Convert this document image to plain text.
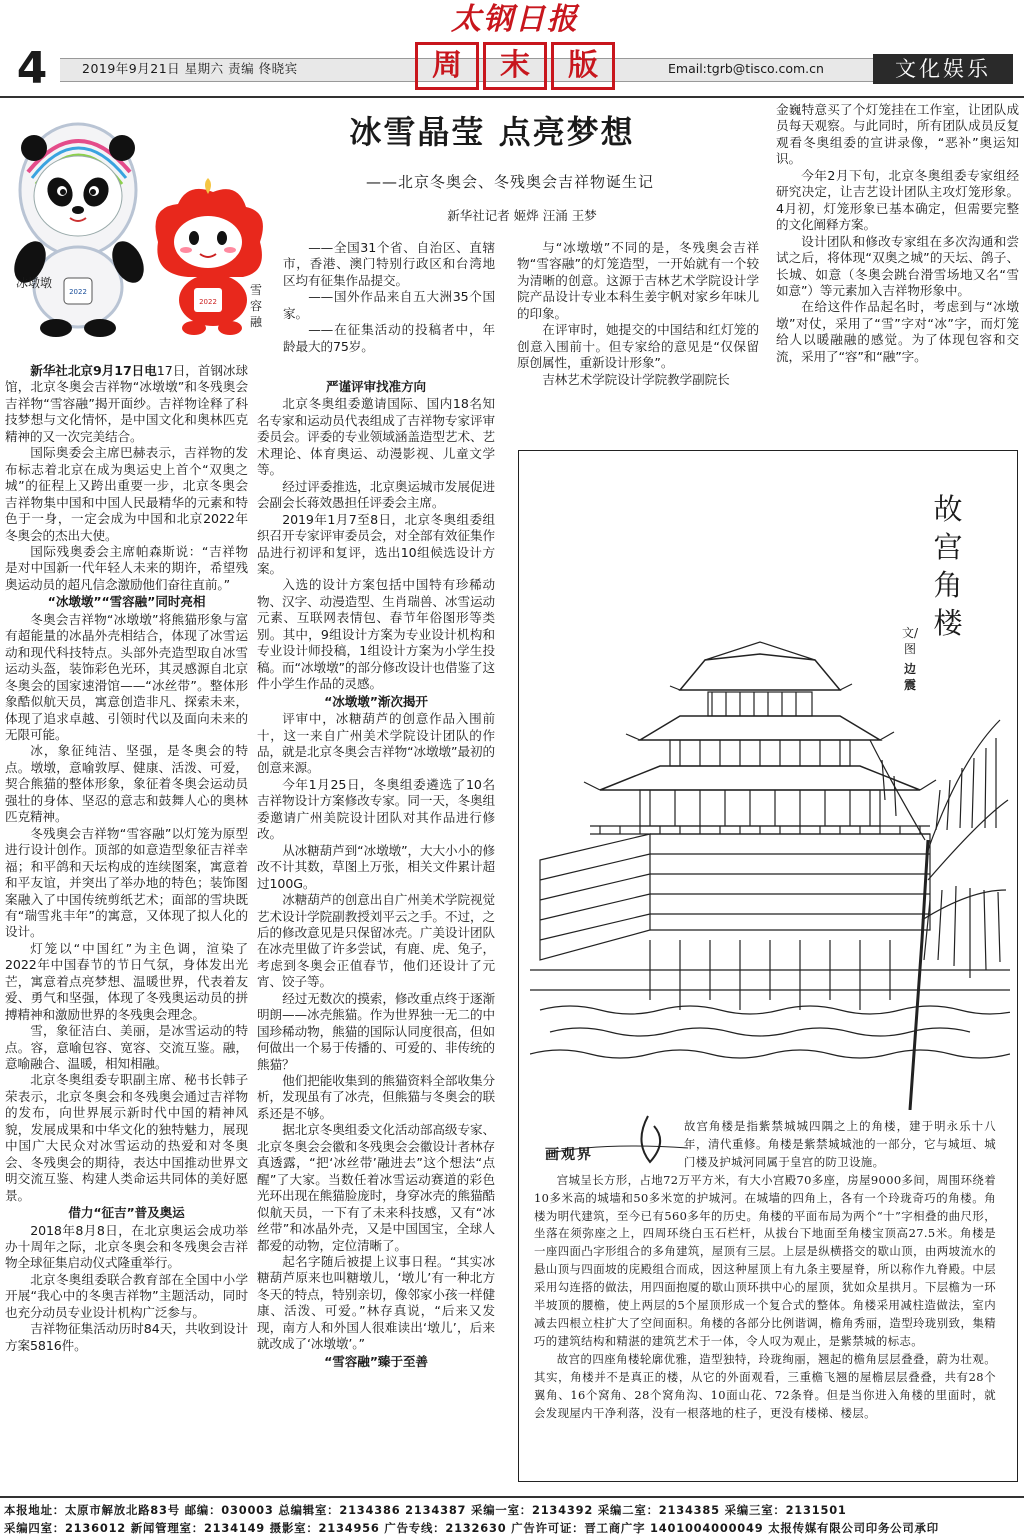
4	2019年9月21日 星期六 责编 佟晓宾
太钢日报
周	末	版	Email:tgrb@tisco.com.cn	文化娱乐
2022
2022
冰墩墩	雪容融
冰雪晶莹 点亮梦想
——北京冬奥会、冬残奥会吉祥物诞生记
新华社记者 姬烨 汪涌 王梦

新华社北京9月17日电17日，首钢冰球馆，北京冬奥会吉祥物“冰墩墩”和冬残奥会吉祥物“雪容融”揭开面纱。吉祥物诠释了科技梦想与文化情怀，是中国文化和奥林匹克精神的又一次完美结合。

国际奥委会主席巴赫表示，吉祥物的发布标志着北京在成为奥运史上首个“双奥之城”的征程上又跨出重要一步，北京冬奥会吉祥物集中国和中国人民最精华的元素和特色于一身，一定会成为中国和北京2022年冬奥会的杰出大使。

国际残奥委会主席帕森斯说：“吉祥物是对中国新一代年轻人未来的期许，希望残奥运动员的超凡信念激励他们奋往直前。”

“冰墩墩”“雪容融”同时亮相

冬奥会吉祥物“冰墩墩”将熊猫形象与富有超能量的冰晶外壳相结合，体现了冰雪运动和现代科技特点。头部外壳造型取自冰雪运动头盔，装饰彩色光环，其灵感源自北京冬奥会的国家速滑馆——“冰丝带”。整体形象酷似航天员，寓意创造非凡、探索未来，体现了追求卓越、引领时代以及面向未来的无限可能。

冰，象征纯洁、坚强，是冬奥会的特点。墩墩，意喻敦厚、健康、活泼、可爱，契合熊猫的整体形象，象征着冬奥会运动员强壮的身体、坚忍的意志和鼓舞人心的奥林匹克精神。

冬残奥会吉祥物“雪容融”以灯笼为原型进行设计创作。顶部的如意造型象征吉祥幸福；和平鸽和天坛构成的连续图案，寓意着和平友谊，并突出了举办地的特色；装饰图案融入了中国传统剪纸艺术；面部的雪块既有“瑞雪兆丰年”的寓意，又体现了拟人化的设计。

灯笼以“中国红”为主色调，渲染了2022年中国春节的节日气氛，身体发出光芒，寓意着点亮梦想、温暖世界，代表着友爱、勇气和坚强，体现了冬残奥运动员的拼搏精神和激励世界的冬残奥会理念。

雪，象征洁白、美丽，是冰雪运动的特点。容，意喻包容、宽容、交流互鉴。融，意喻融合、温暖，相知相融。

北京冬奥组委专职副主席、秘书长韩子荣表示，北京冬奥会和冬残奥会通过吉祥物的发布，向世界展示新时代中国的精神风貌，发展成果和中华文化的独特魅力，展现中国广大民众对冰雪运动的热爱和对冬奥会、冬残奥会的期待，表达中国推动世界文明交流互鉴、构建人类命运共同体的美好愿景。

借力“征吉”普及奥运

2018年8月8日，在北京奥运会成功举办十周年之际，北京冬奥会和冬残奥会吉祥物全球征集启动仪式隆重举行。

北京冬奥组委联合教育部在全国中小学开展“我心中的冬奥吉祥物”主题活动，同时也充分动员专业设计机构广泛参与。

吉祥物征集活动历时84天，共收到设计方案5816件。

——全国31个省、自治区、直辖市，香港、澳门特别行政区和台湾地区均有征集作品提交。

——国外作品来自五大洲35个国家。

——在征集活动的投稿者中，年龄最大的75岁。

严谨评审找准方向

北京冬奥组委邀请国际、国内18名知名专家和运动员代表组成了吉祥物专家评审委员会。评委的专业领域涵盖造型艺术、艺术理论、体育奥运、动漫影视、儿童文学等。

经过评委推选，北京奥运城市发展促进会副会长蒋效愚担任评委会主席。

2019年1月7至8日，北京冬奥组委组织召开专家评审委员会，对全部有效征集作品进行初评和复评，选出10组候选设计方案。

入选的设计方案包括中国特有珍稀动物、汉字、动漫造型、生肖瑞兽、冰雪运动元素、互联网表情包、春节年俗图形等类别。其中，9组设计方案为专业设计机构和专业设计师投稿，1组设计方案为小学生投稿。而“冰墩墩”的部分修改设计也借鉴了这件小学生作品的灵感。

“冰墩墩”渐次揭开

评审中，冰糖葫芦的创意作品入围前十，这一来自广州美术学院设计团队的作品，就是北京冬奥会吉祥物“冰墩墩”最初的创意来源。

今年1月25日，冬奥组委遴选了10名吉祥物设计方案修改专家。同一天，冬奥组委邀请广州美院设计团队对其作品进行修改。

从冰糖葫芦到“冰墩墩”，大大小小的修改不计其数，草图上万张，相关文件累计超过100G。

冰糖葫芦的创意出自广州美术学院视觉艺术设计学院副教授刘平云之手。不过，之后的修改意见是只保留冰壳。广美设计团队在冰壳里做了许多尝试，有鹿、虎、兔子，考虑到冬奥会正值春节，他们还设计了元宵、饺子等。

经过无数次的摸索，修改重点终于逐渐明朗——冰壳熊猫。作为世界独一无二的中国珍稀动物，熊猫的国际认同度很高，但如何做出一个易于传播的、可爱的、非传统的熊猫？

他们把能收集到的熊猫资料全部收集分析，发现虽有了冰壳，但熊猫与冬奥会的联系还是不够。

据北京冬奥组委文化活动部高级专家、北京冬奥会会徽和冬残奥会会徽设计者林存真透露，“把‘冰丝带’融进去”这个想法“点醒”了大家。当数任着冰雪运动赛道的彩色光环出现在熊猫脸庞时，身穿冰壳的熊猫酷似航天员，一下有了未来科技感，又有“冰丝带”和冰晶外壳，又是中国国宝，全球人都爱的动物，定位清晰了。

起名字随后被提上议事日程。“其实冰糖葫芦原来也叫糖墩儿，‘墩儿’有一种北方冬天的特点，特别亲切，像邻家小孩一样健康、活泼、可爱。”林存真说，“后来又发现，南方人和外国人很难读出‘墩儿’，后来就改成了‘冰墩墩’。”

“雪容融”臻于至善

与“冰墩墩”不同的是，冬残奥会吉祥物“雪容融”的灯笼造型，一开始就有一个较为清晰的创意。这源于吉林艺术学院设计学院产品设计专业本科生姜宇帆对家乡年味儿的印象。

在评审时，她提交的中国结和红灯笼的创意入围前十。但专家给的意见是“仅保留原创属性，重新设计形象”。

吉林艺术学院设计学院教学副院长

金巍特意买了个灯笼挂在工作室，让团队成员每天观察。与此同时，所有团队成员反复观看冬奥组委的宣讲录像，“恶补”奥运知识。

今年2月下旬，北京冬奥组委专家组经研究决定，让吉艺设计团队主攻灯笼形象。4月初，灯笼形象已基本确定，但需要完整的文化阐释方案。

设计团队和修改专家组在多次沟通和尝试之后，将体现“双奥之城”的天坛、鸽子、长城、如意（冬奥会跳台滑雪场地又名“雪如意”）等元素加入吉祥物形象中。

在给这件作品起名时，考虑到与“冰墩墩”对仗，采用了“雪”字对“冰”字，而灯笼给人以暖融融的感觉。为了体现包容和交流，采用了“容”和“融”字。

故宫角楼
文/图
边震
画观界

故宫角楼是指紫禁城城四隅之上的角楼，建于明永乐十八年，清代重修。角楼是紫禁城城池的一部分，它与城垣、城门楼及护城河同属于皇宫的防卫设施。

宫城呈长方形，占地72万平方米，有大小宫殿70多座，房屋9000多间，周围环绕着10多米高的城墙和50多米宽的护城河。在城墙的四角上，各有一个玲珑奇巧的角楼。角楼为明代建筑，至今已有560多年的历史。角楼的平面布局为两个“十”字相叠的曲尺形，坐落在须弥座之上，四周环绕白玉石栏杆，从拔台下地面至角楼宝顶高27.5米。角楼是一座四面凸字形组合的多角建筑，屋顶有三层。上层是纵横搭交的歇山顶，由两坡流水的悬山顶与四面坡的庑殿组合而成，因这种屋顶上有九条主要屋脊，所以称作九脊殿。中层采用勾连搭的做法，用四面抱厦的歇山顶环拱中心的屋顶，犹如众星拱月。下层檐为一环半坡顶的腰檐，使上两层的5个屋顶形成一个复合式的整体。角楼采用减柱造做法，室内减去四根立柱扩大了空间面积。角楼的各部分比例谐调，檐角秀丽，造型玲珑别致，集精巧的建筑结构和精湛的建筑艺术于一体，令人叹为观止，是紫禁城的标志。

故宫的四座角楼轮廓优雅，造型独特，玲珑绚丽，翘起的檐角层层叠叠，蔚为壮观。其实，角楼并不是真正的楼，从它的外面观看，三重檐飞翘的屋檐层层叠叠，共有28个翼角、16个窝角、28个窝角沟、10面山花、72条脊。但是当你进入角楼的里面时，就会发现屋内干净利落，没有一根落地的柱子，更没有楼梯、楼层。

本报地址：太原市解放北路83号 邮编：030003 总编辑室：2134386 2134387 采编一室：2134392 采编二室：2134385 采编三室：2131501
采编四室：2136012 新闻管理室：2134149 摄影室：2134956 广告专线：2132630 广告许可证：晋工商广字 1401004000049 太报传媒有限公司印务公司承印
